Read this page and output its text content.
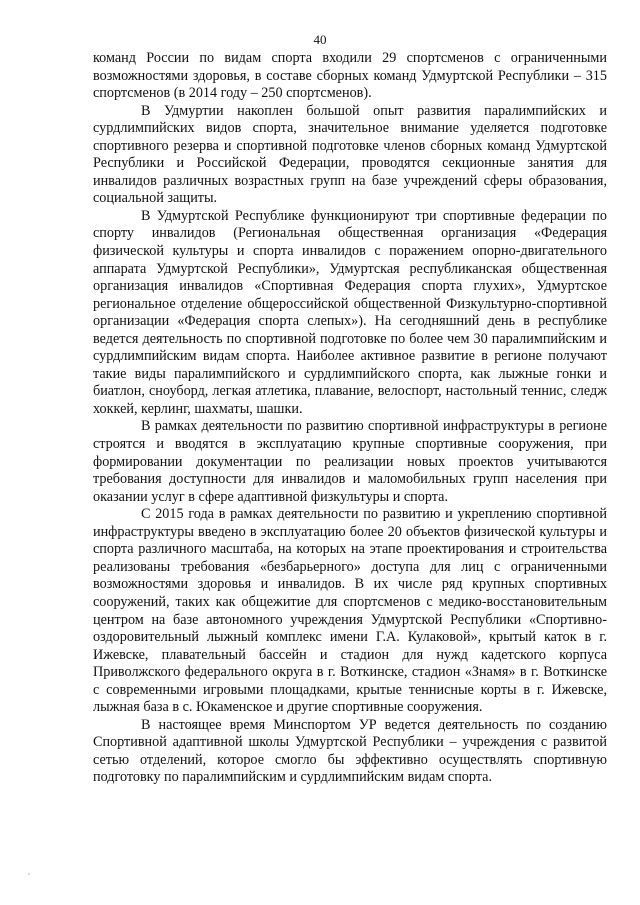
40

команд России по видам спорта входили 29 спортсменов с ограниченными возможностями здоровья, в составе сборных команд Удмуртской Республики – 315 спортсменов (в 2014 году – 250 спортсменов).

В Удмуртии накоплен большой опыт развития паралимпийских и сурдлимпийских видов спорта, значительное внимание уделяется подготовке спортивного резерва и спортивной подготовке членов сборных команд Удмуртской Республики и Российской Федерации, проводятся секционные занятия для инвалидов различных возрастных групп на базе учреждений сферы образования, социальной защиты.

В Удмуртской Республике функционируют три спортивные федерации по спорту инвалидов (Региональная общественная организация «Федерация физической культуры и спорта инвалидов с поражением опорно-двигательного аппарата Удмуртской Республики», Удмуртская республиканская общественная организация инвалидов «Спортивная Федерация спорта глухих», Удмуртское региональное отделение общероссийской общественной Физкультурно-спортивной организации «Федерация спорта слепых»). На сегодняшний день в республике ведется деятельность по спортивной подготовке по более чем 30 паралимпийским и сурдлимпийским видам спорта. Наиболее активное развитие в регионе получают такие виды паралимпийского и сурдлимпийского спорта, как лыжные гонки и биатлон, сноуборд, легкая атлетика, плавание, велоспорт, настольный теннис, следж хоккей, керлинг, шахматы, шашки.

В рамках деятельности по развитию спортивной инфраструктуры в регионе строятся и вводятся в эксплуатацию крупные спортивные сооружения, при формировании документации по реализации новых проектов учитываются требования доступности для инвалидов и маломобильных групп населения при оказании услуг в сфере адаптивной физкультуры и спорта.

С 2015 года в рамках деятельности по развитию и укреплению спортивной инфраструктуры введено в эксплуатацию более 20 объектов физической культуры и спорта различного масштаба, на которых на этапе проектирования и строительства реализованы требования «безбарьерного» доступа для лиц с ограниченными возможностями здоровья и инвалидов. В их числе ряд крупных спортивных сооружений, таких как общежитие для спортсменов с медико-восстановительным центром на базе автономного учреждения Удмуртской Республики «Спортивно-оздоровительный лыжный комплекс имени Г.А. Кулаковой», крытый каток в г. Ижевске, плавательный бассейн и стадион для нужд кадетского корпуса Приволжского федерального округа в г. Воткинске, стадион «Знамя» в г. Воткинске с современными игровыми площадками, крытые теннисные корты в г. Ижевске, лыжная база в с. Юкаменское и другие спортивные сооружения.

В настоящее время Минспортом УР ведется деятельность по созданию Спортивной адаптивной школы Удмуртской Республики – учреждения с развитой сетью отделений, которое смогло бы эффективно осуществлять спортивную подготовку по паралимпийским и сурдлимпийским видам спорта.
